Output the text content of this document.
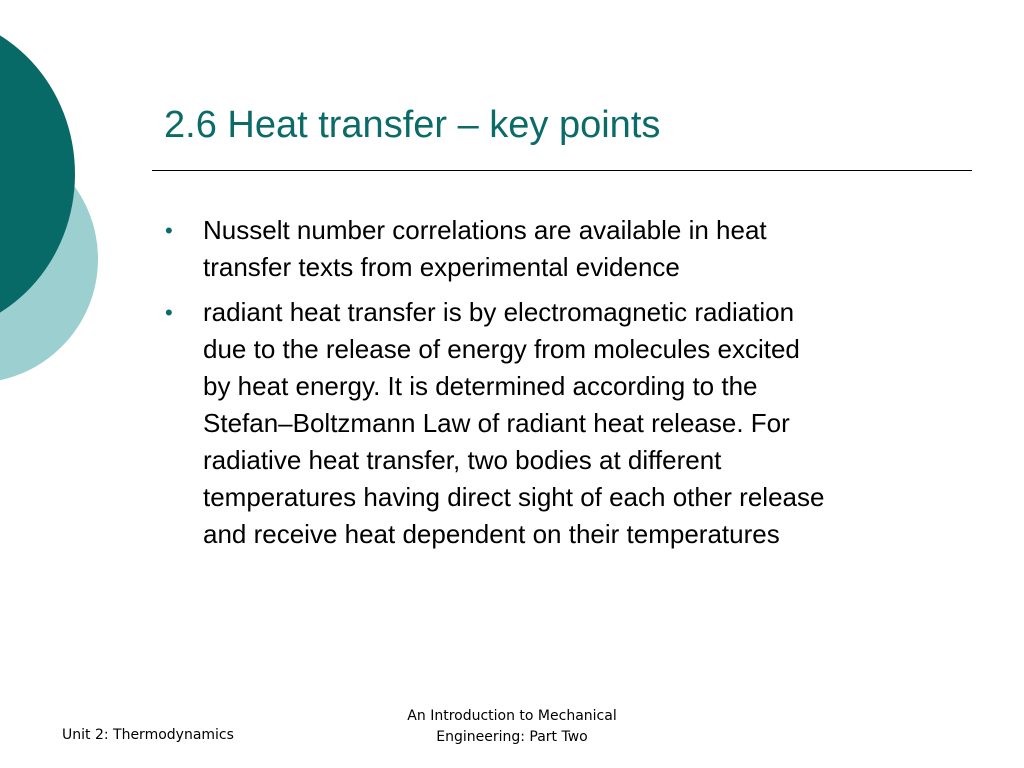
2.6 Heat transfer – key points
•	Nusselt number correlations are available in heat
transfer texts from experimental evidence
•	radiant heat transfer is by electromagnetic radiation
due to the release of energy from molecules excited
by heat energy. It is determined according to the
Stefan–Boltzmann Law of radiant heat release. For
radiative heat transfer, two bodies at different
temperatures having direct sight of each other release
and receive heat dependent on their temperatures
Unit 2: Thermodynamics
An Introduction to Mechanical
Engineering: Part Two
